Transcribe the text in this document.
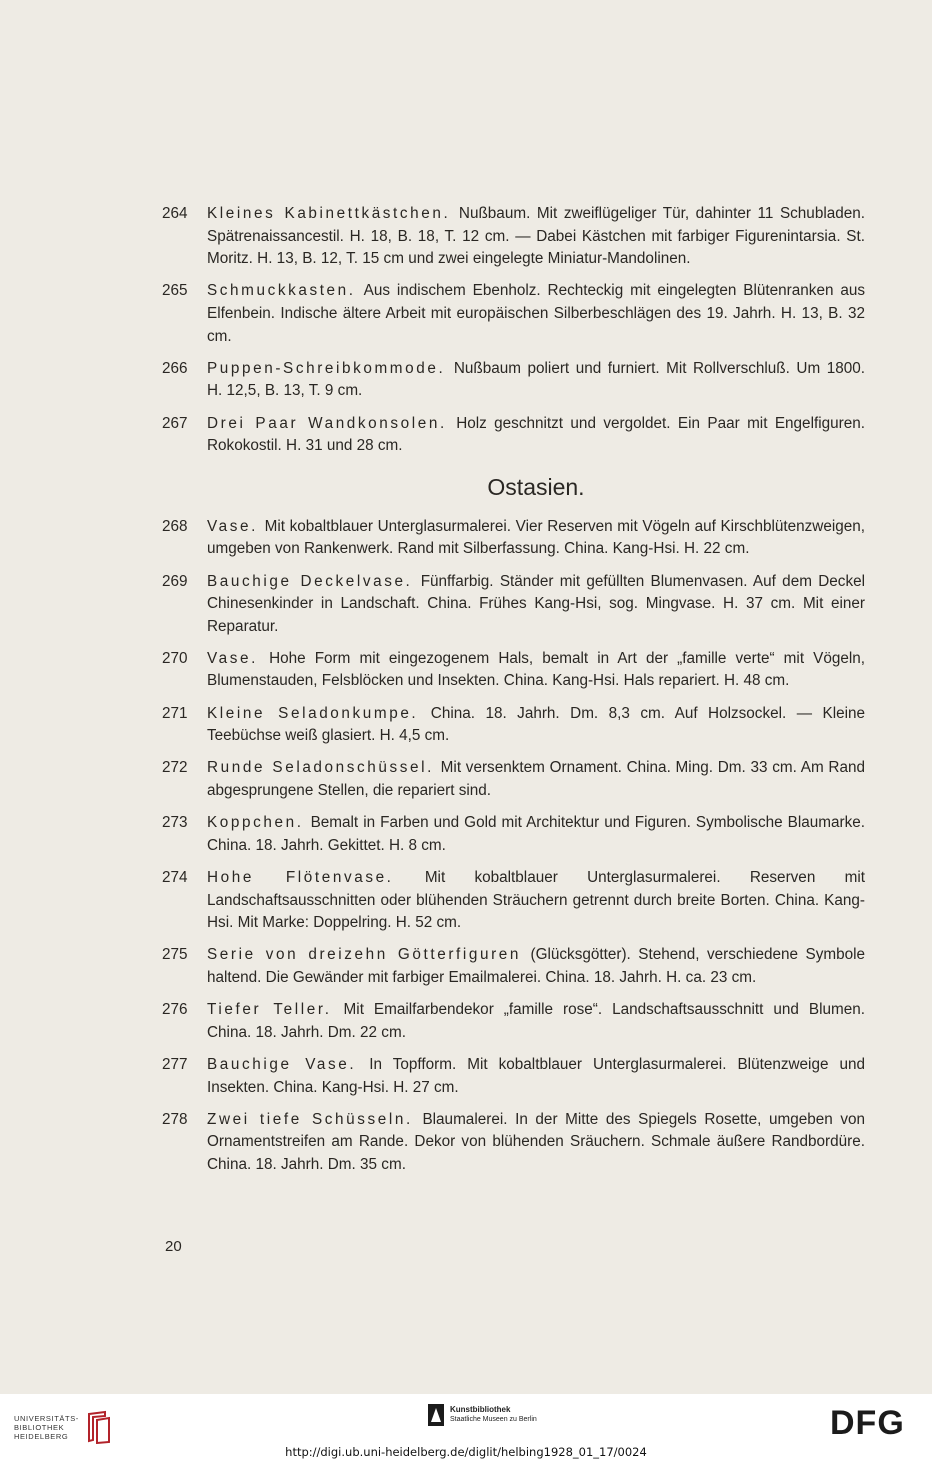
264	Kleines Kabinettkästchen. Nußbaum. Mit zweiflügeliger Tür, dahinter 11 Schubladen. Spätrenaissancestil. H. 18, B. 18, T. 12 cm. — Dabei Kästchen mit farbiger Figurenintarsia. St. Moritz. H. 13, B. 12, T. 15 cm und zwei eingelegte Miniatur-Mandolinen.
265	Schmuckkasten. Aus indischem Ebenholz. Rechteckig mit eingelegten Blütenranken aus Elfenbein. Indische ältere Arbeit mit europäischen Silberbeschlägen des 19. Jahrh. H. 13, B. 32 cm.
266	Puppen-Schreibkommode. Nußbaum poliert und furniert. Mit Rollverschluß. Um 1800. H. 12,5, B. 13, T. 9 cm.
267	Drei Paar Wandkonsolen. Holz geschnitzt und vergoldet. Ein Paar mit Engelfiguren. Rokokostil. H. 31 und 28 cm.
Ostasien.
268	Vase. Mit kobaltblauer Unterglasurmalerei. Vier Reserven mit Vögeln auf Kirschblütenzweigen, umgeben von Rankenwerk. Rand mit Silberfassung. China. Kang-Hsi. H. 22 cm.
269	Bauchige Deckelvase. Fünffarbig. Ständer mit gefüllten Blumenvasen. Auf dem Deckel Chinesenkinder in Landschaft. China. Frühes Kang-Hsi, sog. Mingvase. H. 37 cm. Mit einer Reparatur.
270	Vase. Hohe Form mit eingezogenem Hals, bemalt in Art der „famille verte“ mit Vögeln, Blumenstauden, Felsblöcken und Insekten. China. Kang-Hsi. Hals repariert. H. 48 cm.
271	Kleine Seladonkumpe. China. 18. Jahrh. Dm. 8,3 cm. Auf Holzsockel. — Kleine Teebüchse weiß glasiert. H. 4,5 cm.
272	Runde Seladonschüssel. Mit versenktem Ornament. China. Ming. Dm. 33 cm. Am Rand abgesprungene Stellen, die repariert sind.
273	Koppchen. Bemalt in Farben und Gold mit Architektur und Figuren. Symbolische Blaumarke. China. 18. Jahrh. Gekittet. H. 8 cm.
274	Hohe Flötenvase. Mit kobaltblauer Unterglasurmalerei. Reserven mit Landschaftsausschnitten oder blühenden Sträuchern getrennt durch breite Borten. China. Kang-Hsi. Mit Marke: Doppelring. H. 52 cm.
275	Serie von dreizehn Götterfiguren (Glücksgötter). Stehend, verschiedene Symbole haltend. Die Gewänder mit farbiger Emailmalerei. China. 18. Jahrh. H. ca. 23 cm.
276	Tiefer Teller. Mit Emailfarbendekor „famille rose“. Landschaftsausschnitt und Blumen. China. 18. Jahrh. Dm. 22 cm.
277	Bauchige Vase. In Topfform. Mit kobaltblauer Unterglasurmalerei. Blütenzweige und Insekten. China. Kang-Hsi. H. 27 cm.
278	Zwei tiefe Schüsseln. Blaumalerei. In der Mitte des Spiegels Rosette, umgeben von Ornamentstreifen am Rande. Dekor von blühenden Sräuchern. Schmale äußere Randbordüre. China. 18. Jahrh. Dm. 35 cm.
20
UNIVERSITÄTS-
BIBLIOTHEK
HEIDELBERG
Kunstbibliothek
Staatliche Museen zu Berlin	DFG
http://digi.ub.uni-heidelberg.de/diglit/helbing1928_01_17/0024
